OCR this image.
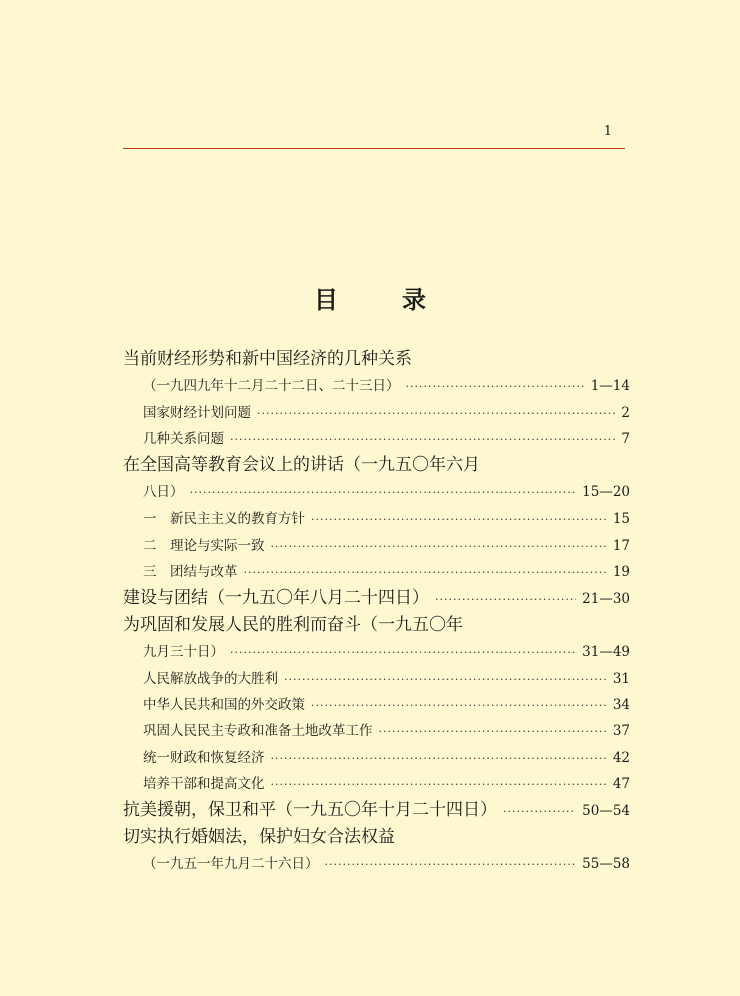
1
目　录
当前财经形势和新中国经济的几种关系
（一九四九年十二月二十二日、二十三日） ·····	1—14
国家财经计划问题 ·····	2
几种关系问题 ·····	7
在全国高等教育会议上的讲话（一九五〇年六月
八日） ·····	15—20
一　新民主主义的教育方针 ·····	15
二　理论与实际一致 ·····	17
三　团结与改革 ·····	19
建设与团结（一九五〇年八月二十四日） ·····	21—30
为巩固和发展人民的胜利而奋斗（一九五〇年
九月三十日） ·····	31—49
人民解放战争的大胜利 ·····	31
中华人民共和国的外交政策 ·····	34
巩固人民民主专政和准备土地改革工作 ·····	37
统一财政和恢复经济 ·····	42
培养干部和提高文化 ·····	47
抗美援朝，保卫和平（一九五〇年十月二十四日） ·····	50—54
切实执行婚姻法，保护妇女合法权益
（一九五一年九月二十六日） ·····	55—58
